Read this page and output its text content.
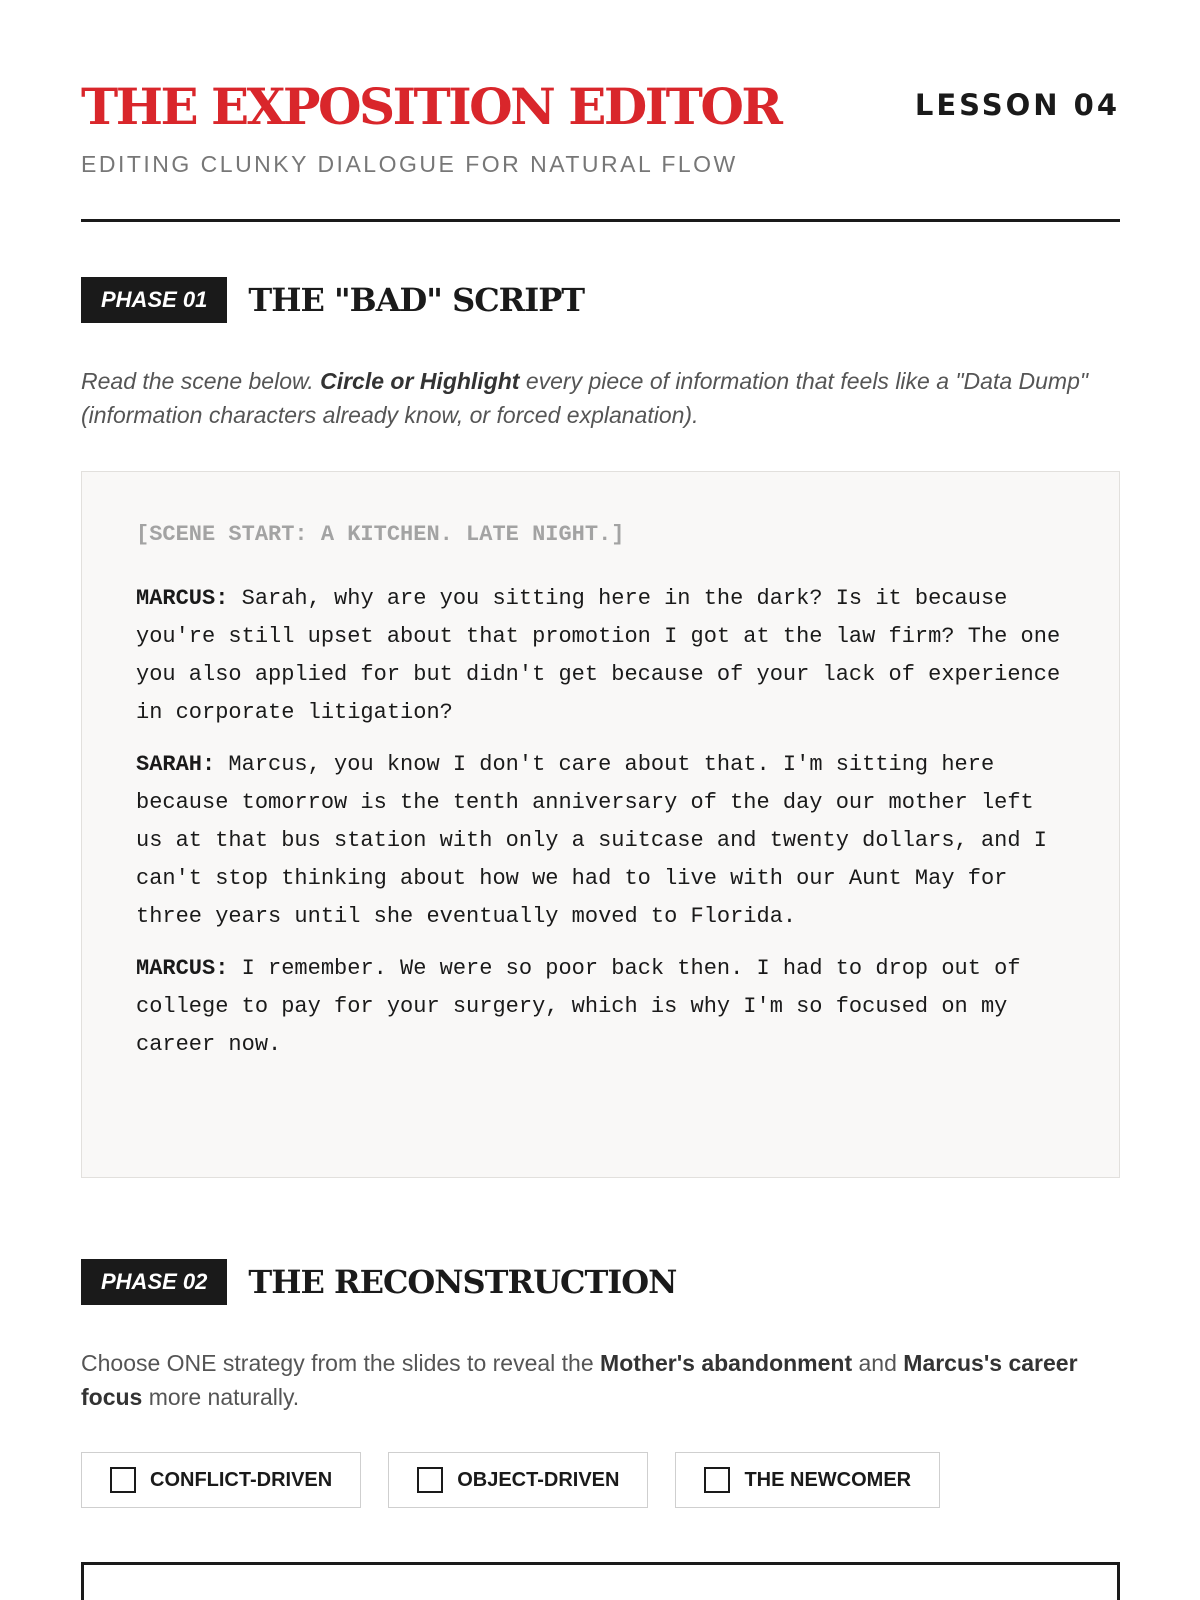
THE EXPOSITION EDITOR
EDITING CLUNKY DIALOGUE FOR NATURAL FLOW
LESSON 04
PHASE 01	THE "BAD" SCRIPT

Read the scene below. Circle or Highlight every piece of information that feels like a "Data Dump" (information characters already know, or forced explanation).

[SCENE START: A KITCHEN. LATE NIGHT.]

MARCUS: Sarah, why are you sitting here in the dark? Is it because you're still upset about that promotion I got at the law firm? The one you also applied for but didn't get because of your lack of experience in corporate litigation?

SARAH: Marcus, you know I don't care about that. I'm sitting here because tomorrow is the tenth anniversary of the day our mother left us at that bus station with only a suitcase and twenty dollars, and I can't stop thinking about how we had to live with our Aunt May for three years until she eventually moved to Florida.

MARCUS: I remember. We were so poor back then. I had to drop out of college to pay for your surgery, which is why I'm so focused on my career now.

PHASE 02	THE RECONSTRUCTION

Choose ONE strategy from the slides to reveal the Mother's abandonment and Marcus's career focus more naturally.

CONFLICT-DRIVEN	OBJECT-DRIVEN	THE NEWCOMER
